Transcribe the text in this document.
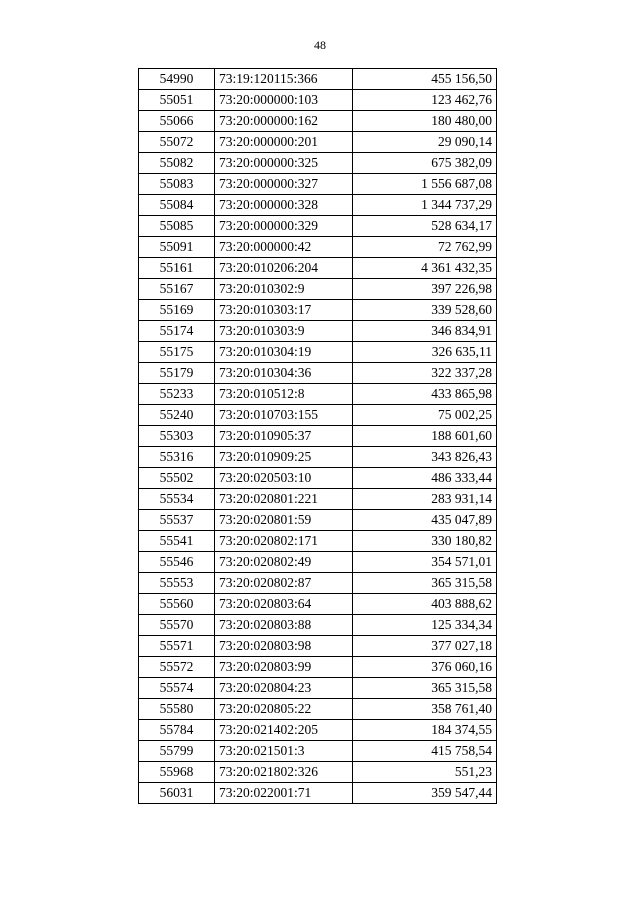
48
54990	73:19:120115:366	455 156,50
55051	73:20:000000:103	123 462,76
55066	73:20:000000:162	180 480,00
55072	73:20:000000:201	29 090,14
55082	73:20:000000:325	675 382,09
55083	73:20:000000:327	1 556 687,08
55084	73:20:000000:328	1 344 737,29
55085	73:20:000000:329	528 634,17
55091	73:20:000000:42	72 762,99
55161	73:20:010206:204	4 361 432,35
55167	73:20:010302:9	397 226,98
55169	73:20:010303:17	339 528,60
55174	73:20:010303:9	346 834,91
55175	73:20:010304:19	326 635,11
55179	73:20:010304:36	322 337,28
55233	73:20:010512:8	433 865,98
55240	73:20:010703:155	75 002,25
55303	73:20:010905:37	188 601,60
55316	73:20:010909:25	343 826,43
55502	73:20:020503:10	486 333,44
55534	73:20:020801:221	283 931,14
55537	73:20:020801:59	435 047,89
55541	73:20:020802:171	330 180,82
55546	73:20:020802:49	354 571,01
55553	73:20:020802:87	365 315,58
55560	73:20:020803:64	403 888,62
55570	73:20:020803:88	125 334,34
55571	73:20:020803:98	377 027,18
55572	73:20:020803:99	376 060,16
55574	73:20:020804:23	365 315,58
55580	73:20:020805:22	358 761,40
55784	73:20:021402:205	184 374,55
55799	73:20:021501:3	415 758,54
55968	73:20:021802:326	551,23
56031	73:20:022001:71	359 547,44
